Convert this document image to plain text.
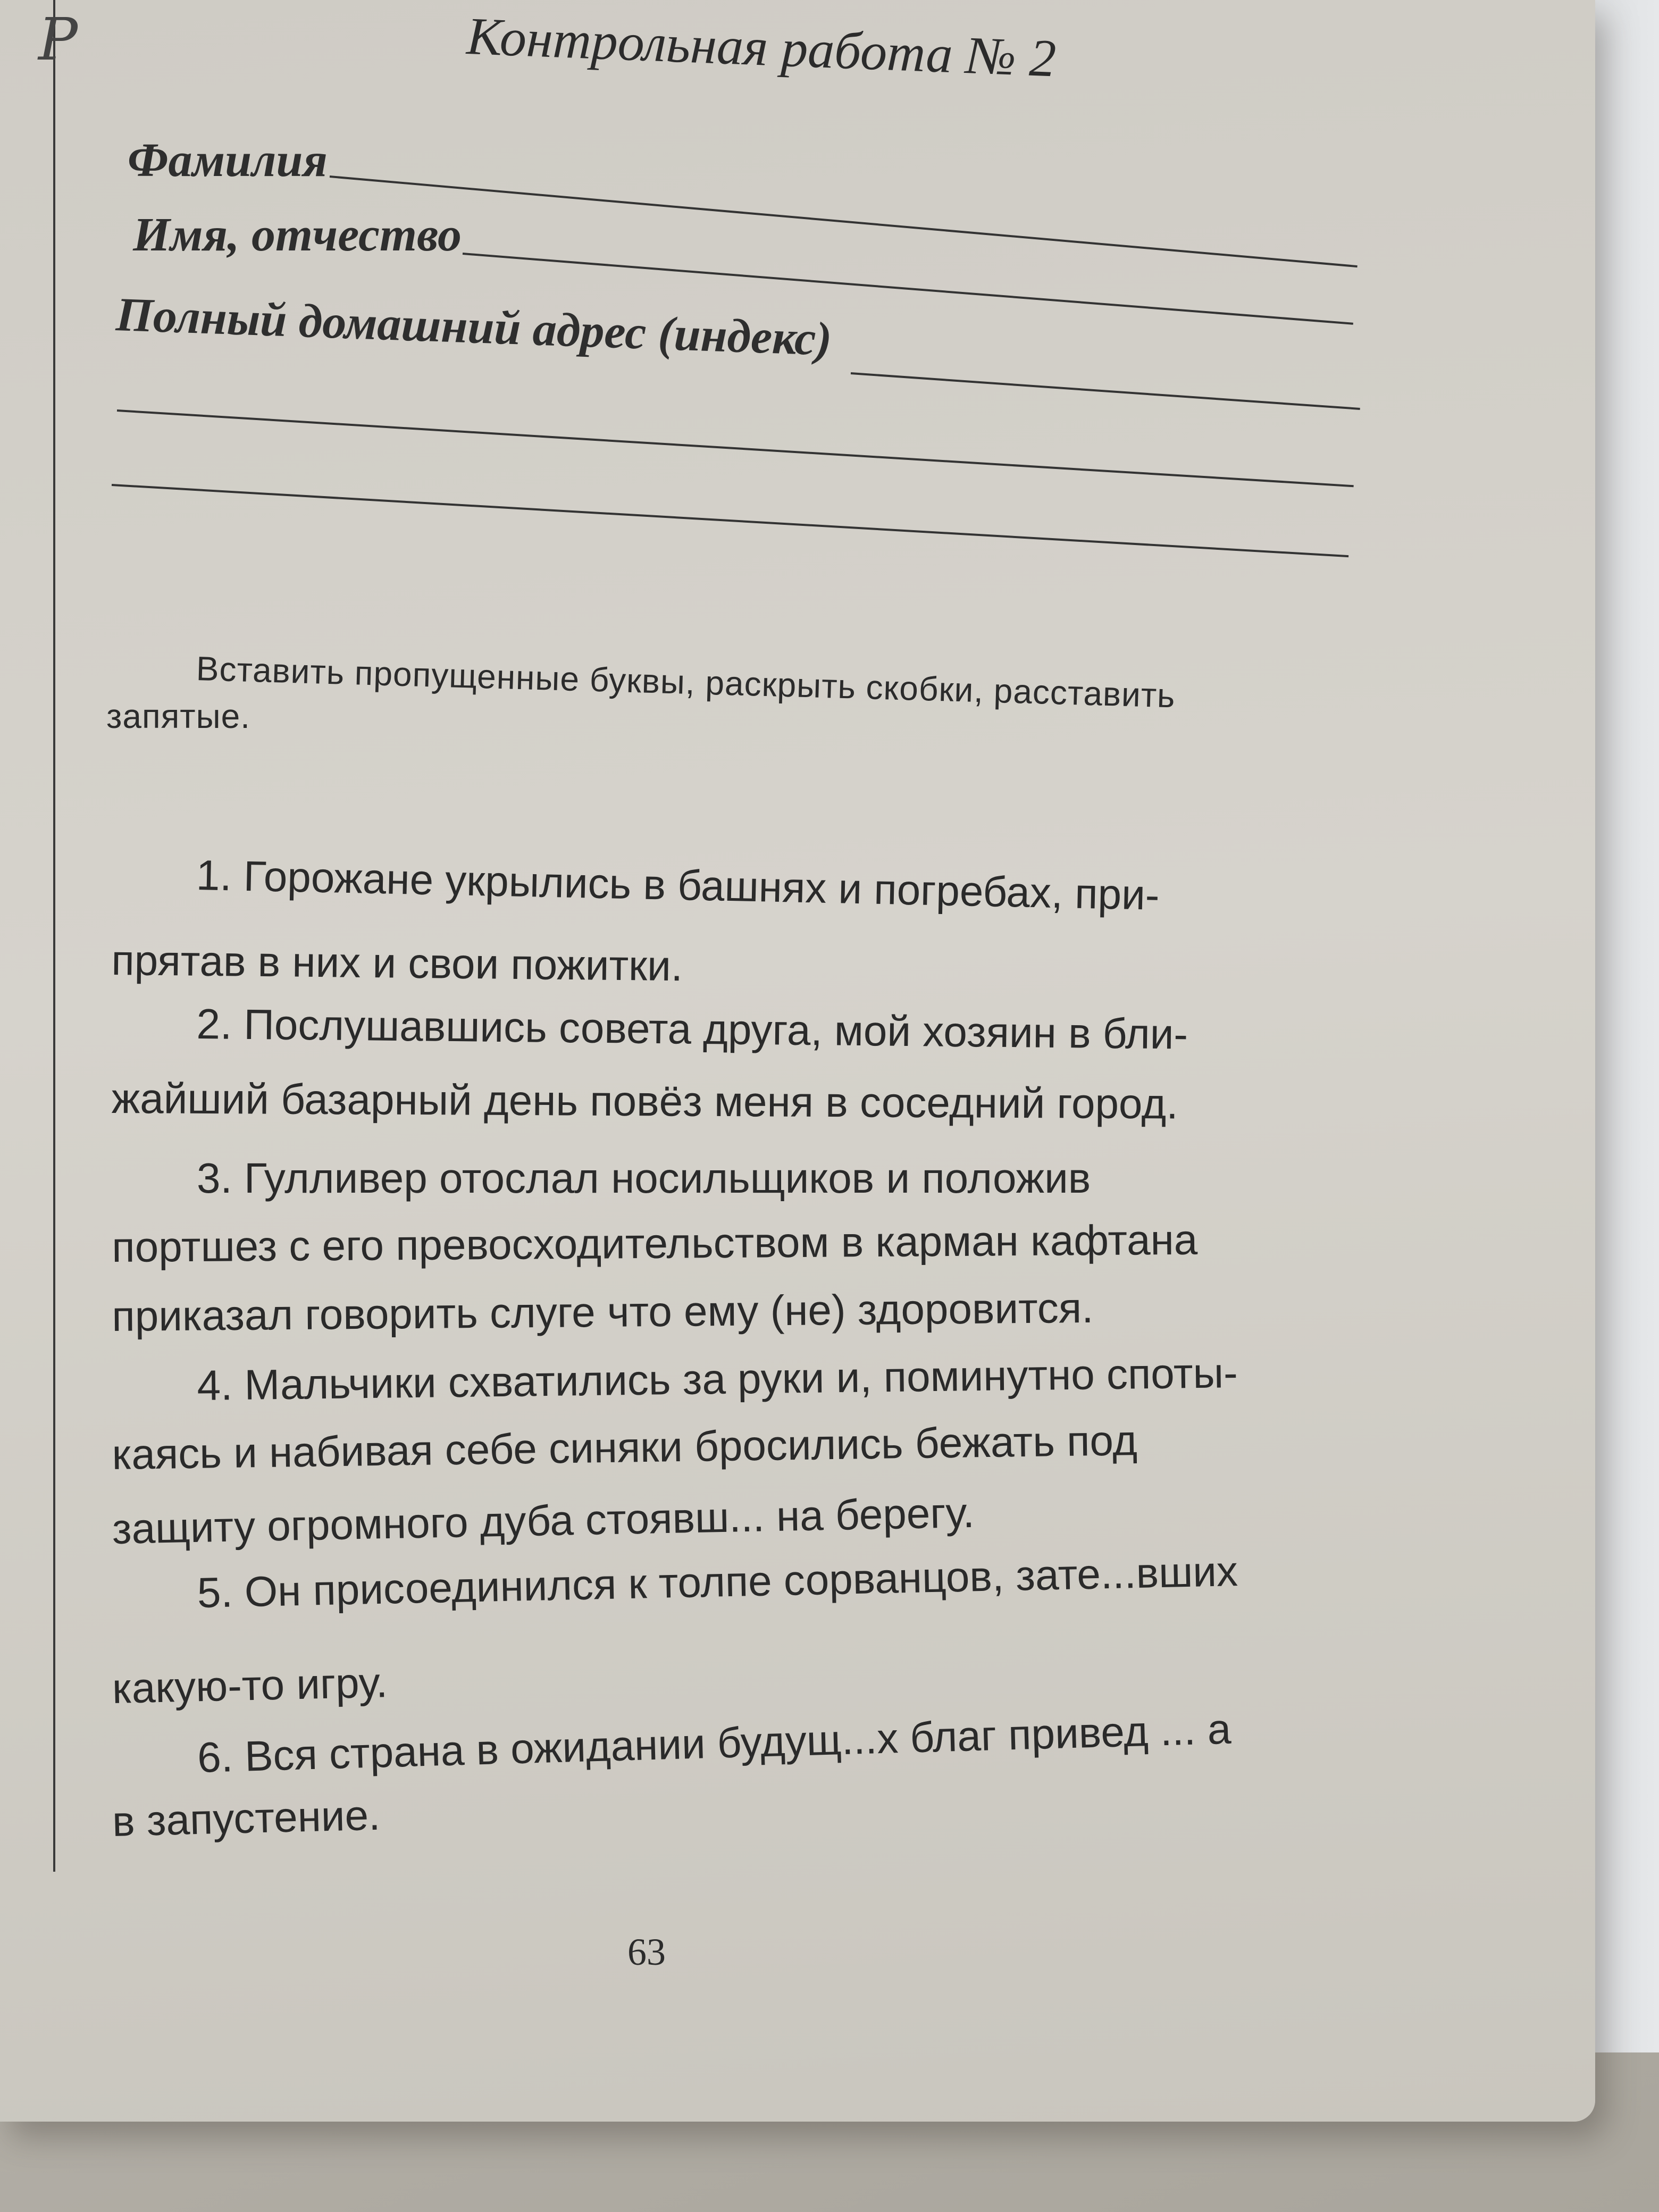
P	Контрольная работа № 2
Фамилия
Имя, отчество
Полный домашний адрес (индекс)
Вставить пропущенные буквы, раскрыть скобки, расставить
запятые.
1. Горожане укрылись в башнях и погребах, при-
прятав в них и свои пожитки.
2. Послушавшись совета друга, мой хозяин в бли-
жайший базарный день повёз меня в соседний город.
3. Гулливер отослал носильщиков и положив
портшез с его превосходительством в карман кафтана
приказал говорить слуге что ему (не) здоровится.
4. Мальчики схватились за руки и, поминутно споты-
каясь и набивая себе синяки бросились бежать под
защиту огромного дуба стоявш... на берегу.
5. Он присоединился к толпе сорванцов, зате...вших
какую-то игру.
6. Вся страна в ожидании будущ...х благ привед ... а
в запустение.
63
